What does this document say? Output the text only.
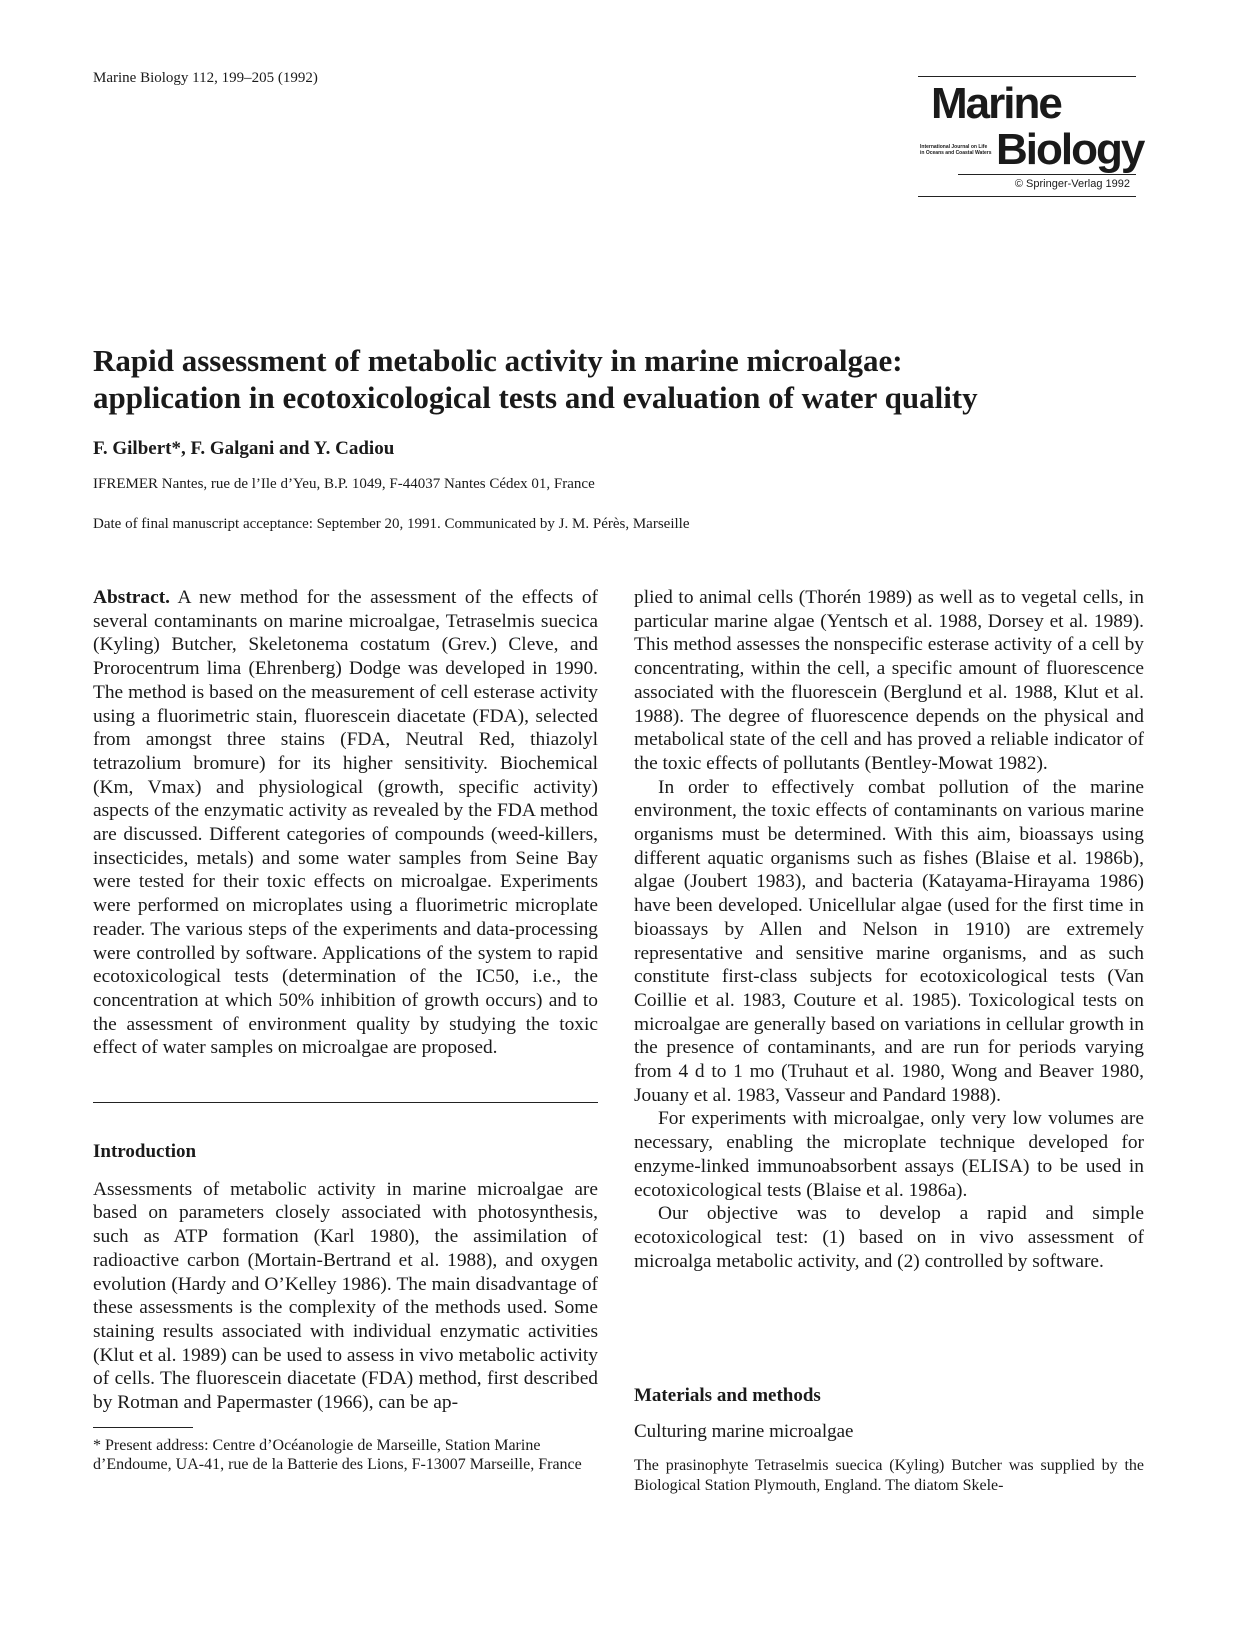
Marine Biology 112, 199–205 (1992)
Marine
International Journal on Life in Oceans and Coastal Waters Biology
© Springer-Verlag 1992
Rapid assessment of metabolic activity in marine microalgae:
application in ecotoxicological tests and evaluation of water quality
F. Gilbert*, F. Galgani and Y. Cadiou
IFREMER Nantes, rue de l’Ile d’Yeu, B.P. 1049, F-44037 Nantes Cédex 01, France
Date of final manuscript acceptance: September 20, 1991. Communicated by J. M. Pérès, Marseille

Abstract. A new method for the assessment of the effects of several contaminants on marine microalgae, Tetraselmis suecica (Kyling) Butcher, Skeletonema costatum (Grev.) Cleve, and Prorocentrum lima (Ehrenberg) Dodge was developed in 1990. The method is based on the measurement of cell esterase activity using a fluorimetric stain, fluorescein diacetate (FDA), selected from amongst three stains (FDA, Neutral Red, thiazolyl tetrazolium bromure) for its higher sensitivity. Biochemical (Km, Vmax) and physiological (growth, specific activity) aspects of the enzymatic activity as revealed by the FDA method are discussed. Different categories of compounds (weed-killers, insecticides, metals) and some water samples from Seine Bay were tested for their toxic effects on microalgae. Experiments were performed on microplates using a fluorimetric microplate reader. The various steps of the experiments and data-processing were controlled by software. Applications of the system to rapid ecotoxicological tests (determination of the IC50, i.e., the concentration at which 50% inhibition of growth occurs) and to the assessment of environment quality by studying the toxic effect of water samples on microalgae are proposed.

Introduction

Assessments of metabolic activity in marine microalgae are based on parameters closely associated with photosynthesis, such as ATP formation (Karl 1980), the assimilation of radioactive carbon (Mortain-Bertrand et al. 1988), and oxygen evolution (Hardy and O’Kelley 1986). The main disadvantage of these assessments is the complexity of the methods used. Some staining results associated with individual enzymatic activities (Klut et al. 1989) can be used to assess in vivo metabolic activity of cells. The fluorescein diacetate (FDA) method, first described by Rotman and Papermaster (1966), can be ap-

* Present address: Centre d’Océanologie de Marseille, Station Marine d’Endoume, UA-41, rue de la Batterie des Lions, F-13007 Marseille, France

plied to animal cells (Thorén 1989) as well as to vegetal cells, in particular marine algae (Yentsch et al. 1988, Dorsey et al. 1989). This method assesses the nonspecific esterase activity of a cell by concentrating, within the cell, a specific amount of fluorescence associated with the fluorescein (Berglund et al. 1988, Klut et al. 1988). The degree of fluorescence depends on the physical and metabolical state of the cell and has proved a reliable indicator of the toxic effects of pollutants (Bentley-Mowat 1982).

In order to effectively combat pollution of the marine environment, the toxic effects of contaminants on various marine organisms must be determined. With this aim, bioassays using different aquatic organisms such as fishes (Blaise et al. 1986b), algae (Joubert 1983), and bacteria (Katayama-Hirayama 1986) have been developed. Unicellular algae (used for the first time in bioassays by Allen and Nelson in 1910) are extremely representative and sensitive marine organisms, and as such constitute first-class subjects for ecotoxicological tests (Van Coillie et al. 1983, Couture et al. 1985). Toxicological tests on microalgae are generally based on variations in cellular growth in the presence of contaminants, and are run for periods varying from 4 d to 1 mo (Truhaut et al. 1980, Wong and Beaver 1980, Jouany et al. 1983, Vasseur and Pandard 1988).

For experiments with microalgae, only very low volumes are necessary, enabling the microplate technique developed for enzyme-linked immunoabsorbent assays (ELISA) to be used in ecotoxicological tests (Blaise et al. 1986a).

Our objective was to develop a rapid and simple ecotoxicological test: (1) based on in vivo assessment of microalga metabolic activity, and (2) controlled by software.

Materials and methods

Culturing marine microalgae

The prasinophyte Tetraselmis suecica (Kyling) Butcher was supplied by the Biological Station Plymouth, England. The diatom Skele-
